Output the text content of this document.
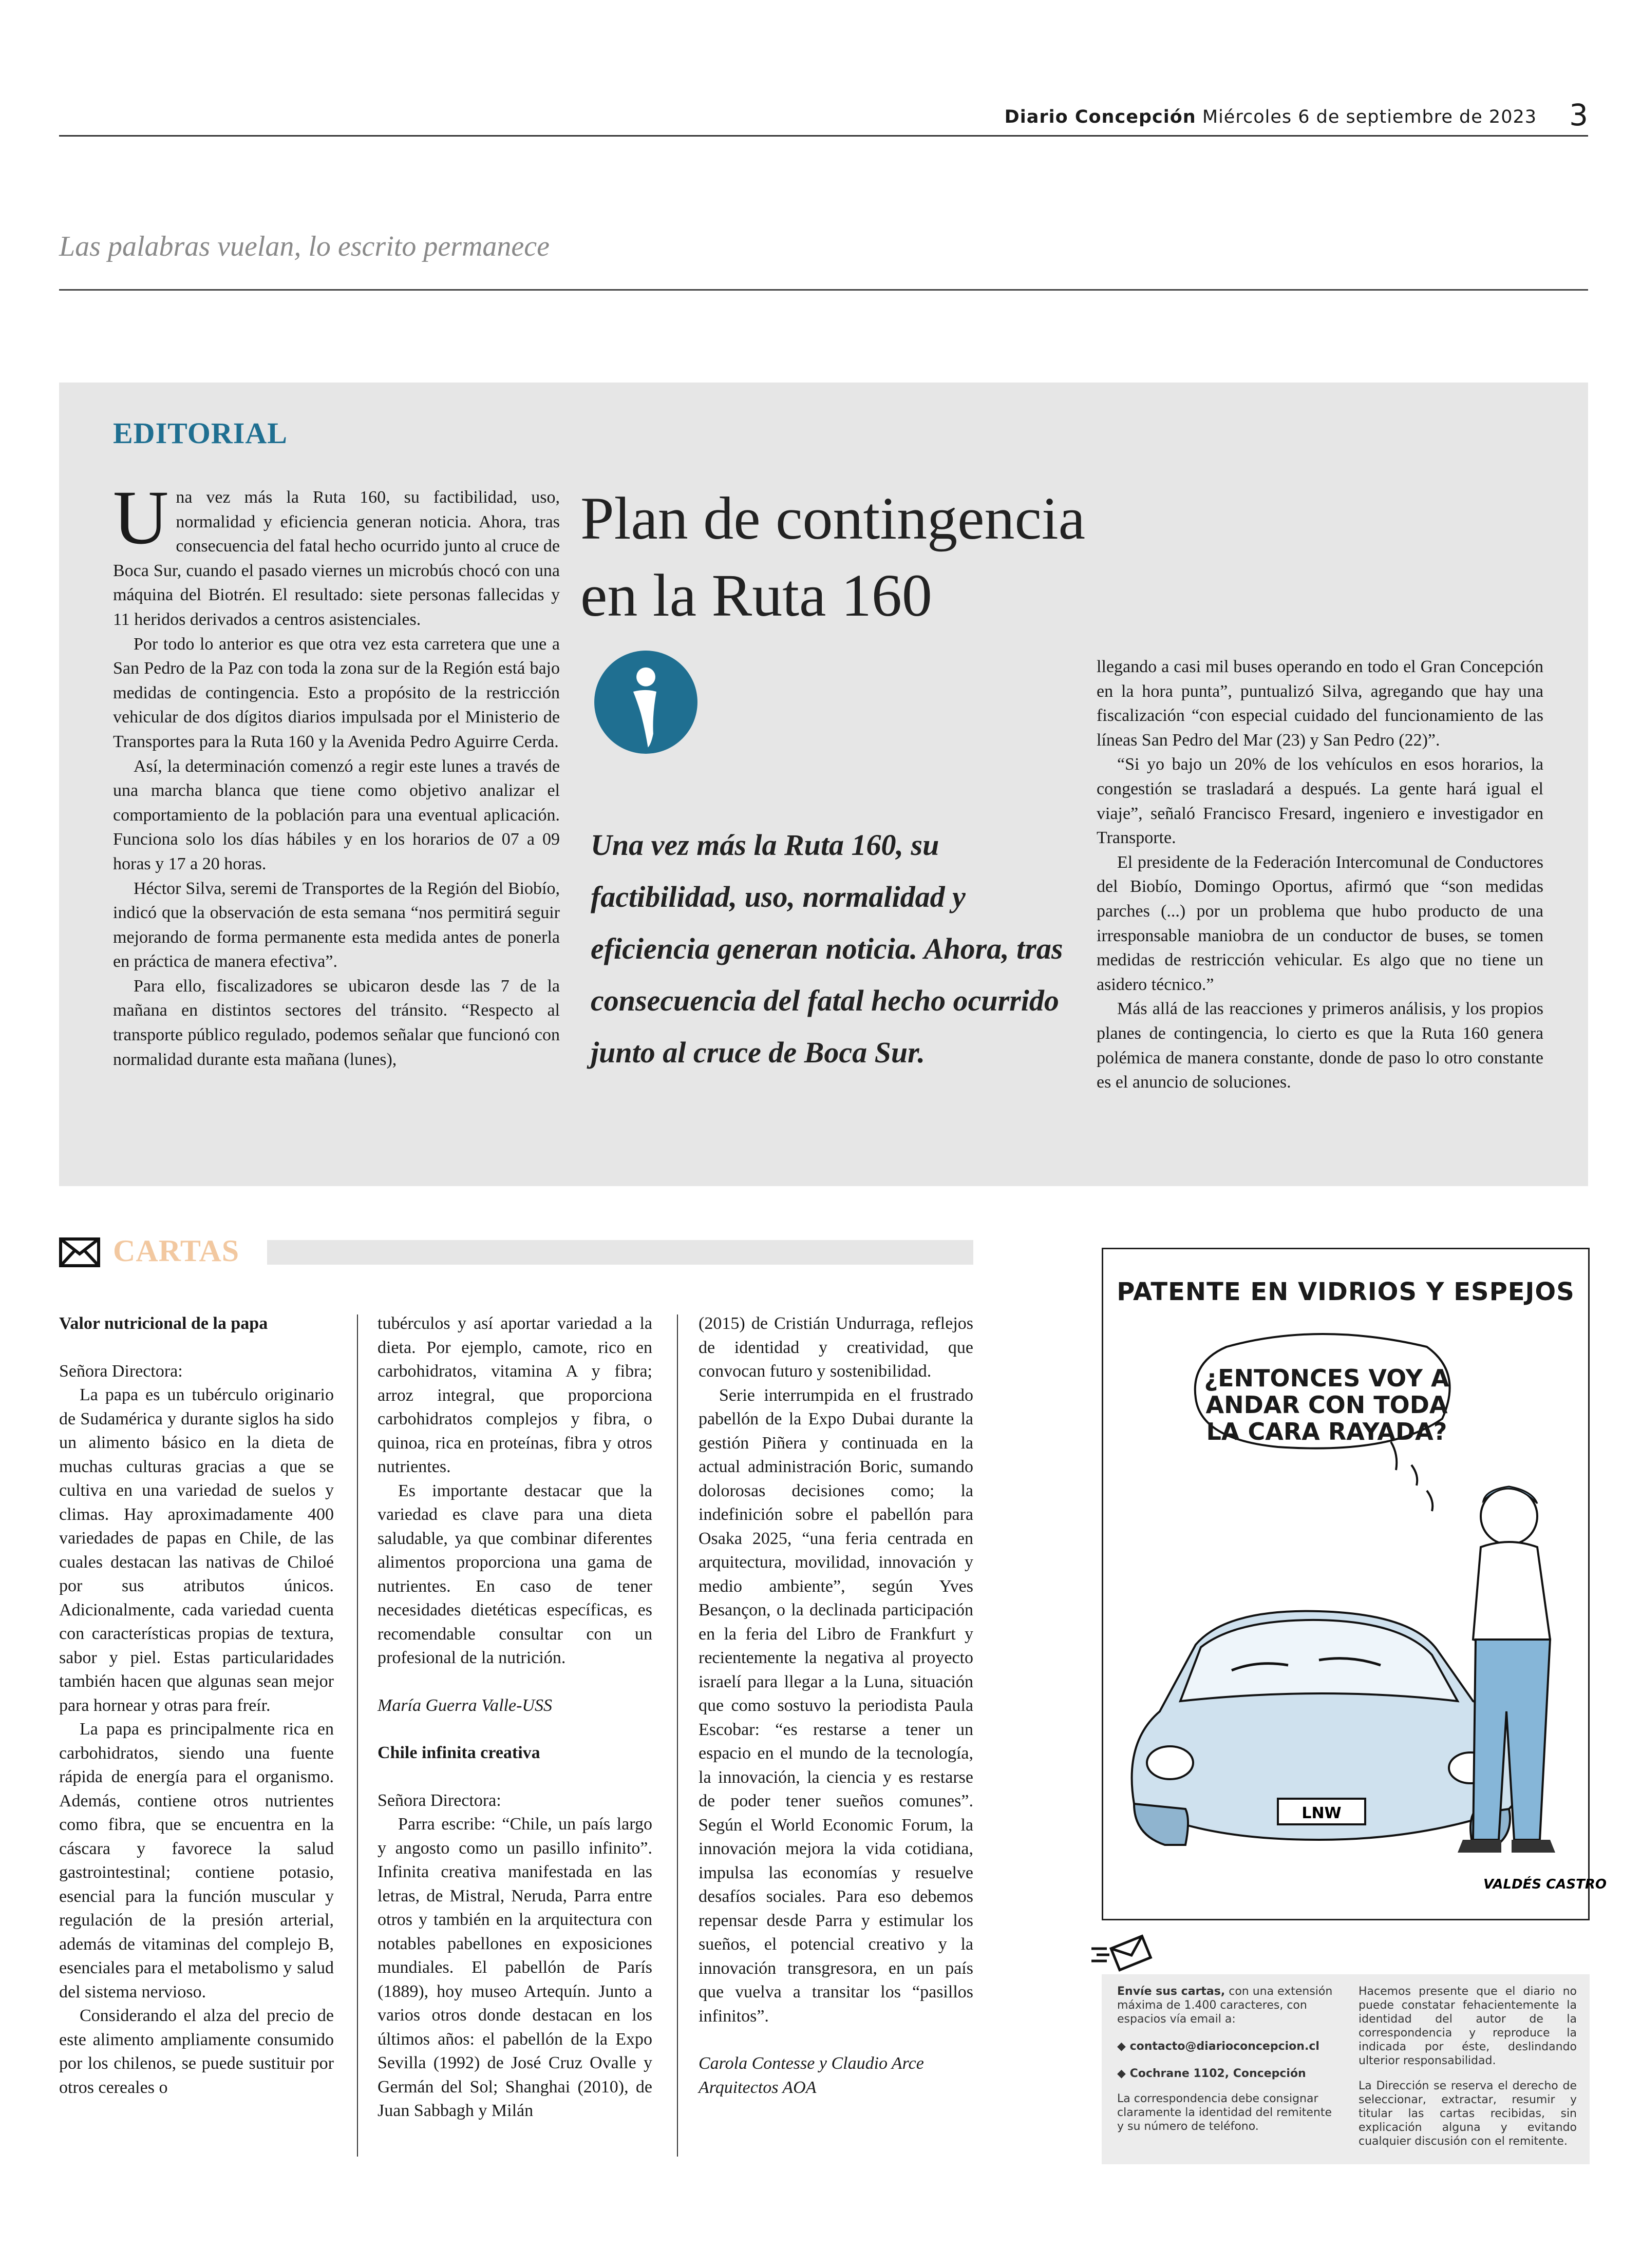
Diario Concepción Miércoles 6 de septiembre de 2023 3
Las palabras vuelan, lo escrito permanece
EDITORIAL

Una vez más la Ruta 160, su factibilidad, uso, normalidad y eficiencia generan noticia. Ahora, tras consecuencia del fatal hecho ocurrido junto al cruce de Boca Sur, cuando el pasado viernes un microbús chocó con una máquina del Biotrén. El resultado: siete personas fallecidas y 11 heridos derivados a centros asistenciales.

Por todo lo anterior es que otra vez esta carretera que une a San Pedro de la Paz con toda la zona sur de la Región está bajo medidas de contingencia. Esto a propósito de la restricción vehicular de dos dígitos diarios impulsada por el Ministerio de Transportes para la Ruta 160 y la Avenida Pedro Aguirre Cerda.

Así, la determinación comenzó a regir este lunes a través de una marcha blanca que tiene como objetivo analizar el comportamiento de la población para una eventual aplicación. Funciona solo los días hábiles y en los horarios de 07 a 09 horas y 17 a 20 horas.

Héctor Silva, seremi de Transportes de la Región del Biobío, indicó que la observación de esta semana “nos permitirá seguir mejorando de forma permanente esta medida antes de ponerla en práctica de manera efectiva”.

Para ello, fiscalizadores se ubicaron desde las 7 de la mañana en distintos sectores del tránsito. “Respecto al transporte público regulado, podemos señalar que funcionó con normalidad durante esta mañana (lunes),

Plan de contingencia en la Ruta 160
Una vez más la Ruta 160, su factibilidad, uso, normalidad y eficiencia generan noticia. Ahora, tras consecuencia del fatal hecho ocurrido junto al cruce de Boca Sur.

llegando a casi mil buses operando en todo el Gran Concepción en la hora punta”, puntualizó Silva, agregando que hay una fiscalización “con especial cuidado del funcionamiento de las líneas San Pedro del Mar (23) y San Pedro (22)”.

“Si yo bajo un 20% de los vehículos en esos horarios, la congestión se trasladará a después. La gente hará igual el viaje”, señaló Francisco Fresard, ingeniero e investigador en Transporte.

El presidente de la Federación Intercomunal de Conductores del Biobío, Domingo Oportus, afirmó que “son medidas parches (...) por un problema que hubo producto de una irresponsable maniobra de un conductor de buses, se tomen medidas de restricción vehicular. Es algo que no tiene un asidero técnico.”

Más allá de las reacciones y primeros análisis, y los propios planes de contingencia, lo cierto es que la Ruta 160 genera polémica de manera constante, donde de paso lo otro constante es el anuncio de soluciones.

CARTAS

Valor nutricional de la papa

Señora Directora:

La papa es un tubérculo originario de Sudamérica y durante siglos ha sido un alimento básico en la dieta de muchas culturas gracias a que se cultiva en una variedad de suelos y climas. Hay aproximadamente 400 variedades de papas en Chile, de las cuales destacan las nativas de Chiloé por sus atributos únicos. Adicionalmente, cada variedad cuenta con características propias de textura, sabor y piel. Estas particularidades también hacen que algunas sean mejor para hornear y otras para freír.

La papa es principalmente rica en carbohidratos, siendo una fuente rápida de energía para el organismo. Además, contiene otros nutrientes como fibra, que se encuentra en la cáscara y favorece la salud gastrointestinal; contiene potasio, esencial para la función muscular y regulación de la presión arterial, además de vitaminas del complejo B, esenciales para el metabolismo y salud del sistema nervioso.

Considerando el alza del precio de este alimento ampliamente consumido por los chilenos, se puede sustituir por otros cereales o

tubérculos y así aportar variedad a la dieta. Por ejemplo, camote, rico en carbohidratos, vitamina A y fibra; arroz integral, que proporciona carbohidratos complejos y fibra, o quinoa, rica en proteínas, fibra y otros nutrientes.

Es importante destacar que la variedad es clave para una dieta saludable, ya que combinar diferentes alimentos proporciona una gama de nutrientes. En caso de tener necesidades dietéticas específicas, es recomendable consultar con un profesional de la nutrición.

María Guerra Valle-USS

Chile infinita creativa

Señora Directora:

Parra escribe: “Chile, un país largo y angosto como un pasillo infinito”. Infinita creativa manifestada en las letras, de Mistral, Neruda, Parra entre otros y también en la arquitectura con notables pabellones en exposiciones mundiales. El pabellón de París (1889), hoy museo Artequín. Junto a varios otros donde destacan en los últimos años: el pabellón de la Expo Sevilla (1992) de José Cruz Ovalle y Germán del Sol; Shanghai (2010), de Juan Sabbagh y Milán

(2015) de Cristián Undurraga, reflejos de identidad y creatividad, que convocan futuro y sostenibilidad.

Serie interrumpida en el frustrado pabellón de la Expo Dubai durante la gestión Piñera y continuada en la actual administración Boric, sumando dolorosas decisiones como; la indefinición sobre el pabellón para Osaka 2025, “una feria centrada en arquitectura, movilidad, innovación y medio ambiente”, según Yves Besançon, o la declinada participación en la feria del Libro de Frankfurt y recientemente la negativa al proyecto israelí para llegar a la Luna, situación que como sostuvo la periodista Paula Escobar: “es restarse a tener un espacio en el mundo de la tecnología, la innovación, la ciencia y es restarse de poder tener sueños comunes”. Según el World Economic Forum, la innovación mejora la vida cotidiana, impulsa las economías y resuelve desafíos sociales. Para eso debemos repensar desde Parra y estimular los sueños, el potencial creativo y la innovación transgresora, en un país que vuelva a transitar los “pasillos infinitos”.

Carola Contesse y Claudio Arce

Arquitectos AOA

LNW
VALDÉS CASTRO
PATENTE EN VIDRIOS Y ESPEJOS
¿ENTONCES VOY A ANDAR CON TODA LA CARA RAYADA?

Envíe sus cartas, con una extensión máxima de 1.400 caracteres, con espacios vía email a:
◆ contacto@diarioconcepcion.cl
◆ Cochrane 1102, Concepción

La correspondencia debe consignar claramente la identidad del remitente y su número de teléfono.

Hacemos presente que el diario no puede constatar fehacientemente la identidad del autor de la correspondencia y reproduce la indicada por éste, deslindando ulterior responsabilidad.

La Dirección se reserva el derecho de seleccionar, extractar, resumir y titular las cartas recibidas, sin explicación alguna y evitando cualquier discusión con el remitente.
